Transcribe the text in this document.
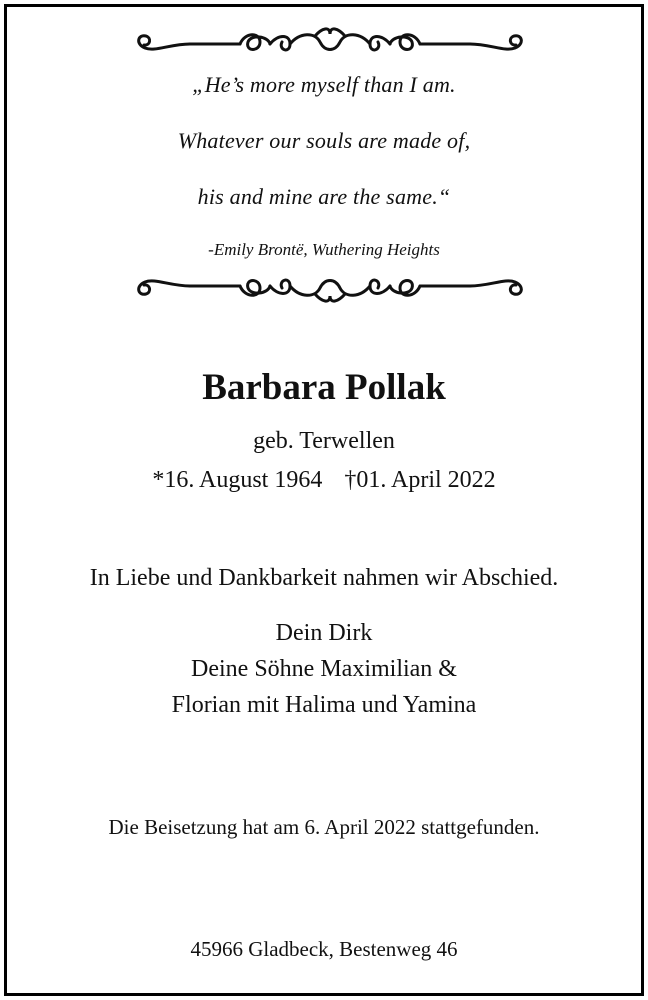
„He’s more myself than I am.
Whatever our souls are made of,
his and mine are the same.“
-Emily Brontë, Wuthering Heights
Barbara Pollak
geb. Terwellen
*16. August 1964 †01. April 2022
In Liebe und Dankbarkeit nahmen wir Abschied.
Dein Dirk
Deine Söhne Maximilian &
Florian mit Halima und Yamina
Die Beisetzung hat am 6. April 2022 stattgefunden.
45966 Gladbeck, Bestenweg 46
